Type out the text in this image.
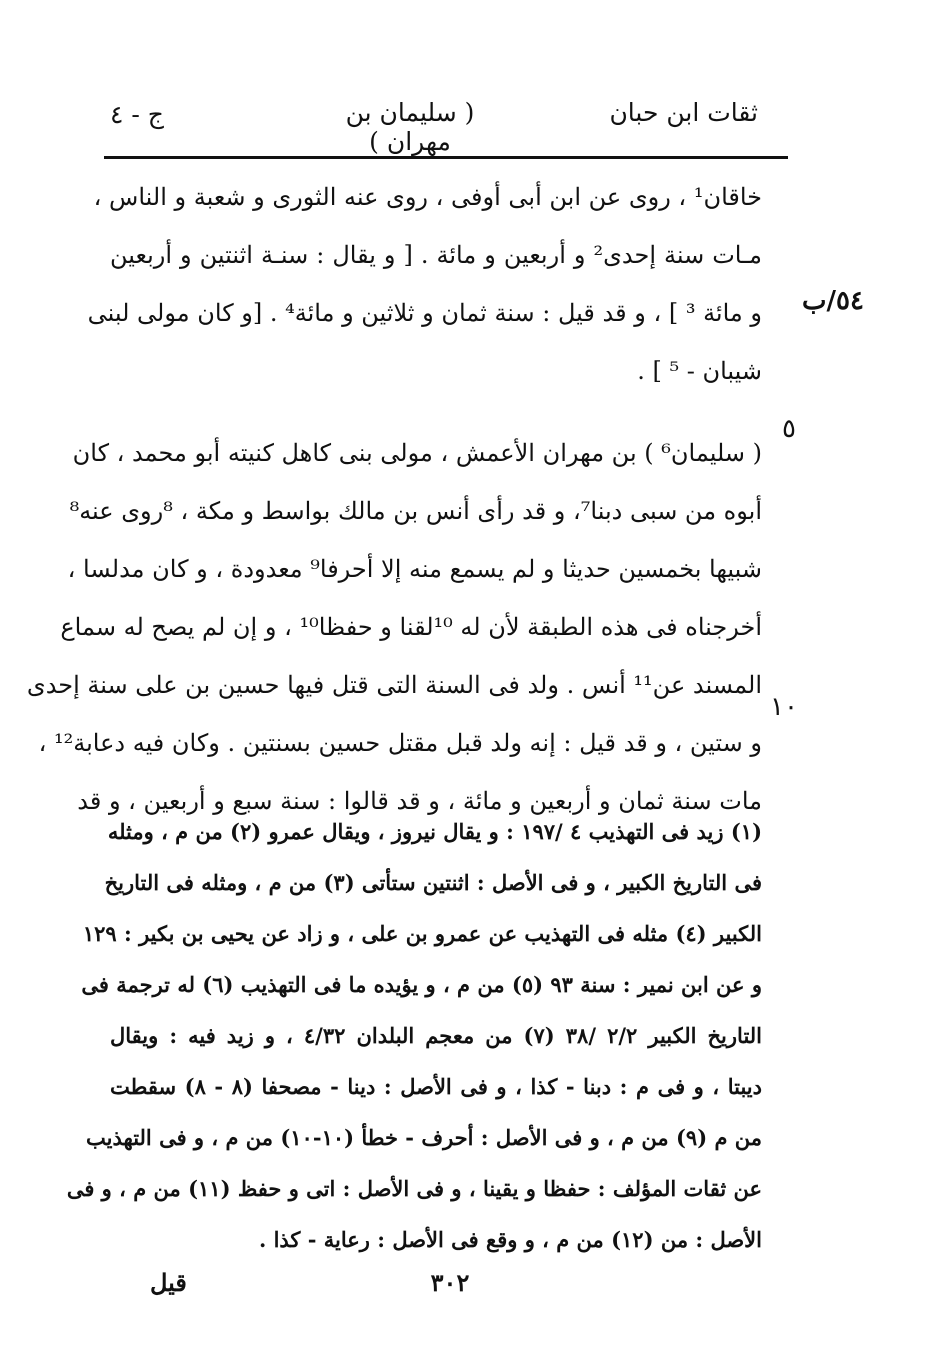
ثقات ابن حبان
( سليمان بن مهران )
ج - ٤
٥٤/ب
٥
١٠
خاقان¹ ، روى عن ابن أبى أوفى ، روى عنه الثورى و شعبة و الناس ،
مـات سنة إحدى² و أربعين و مائة . [ و يقال : سنـة اثنتين و أربعين
و مائة ³ ] ، و قد قيل : سنة ثمان و ثلاثين و مائة⁴ . [و كان مولى لبنى
شيبان - ⁵ ] .
( سليمان⁶ ) بن مهران الأعمش ، مولى بنى كاهل كنيته أبو محمد ، كان
أبوه من سبى دبنا⁷، و قد رأى أنس بن مالك بواسط و مكة ، ⁸روى عنه⁸
شبيها بخمسين حديثا و لم يسمع منه إلا أحرفا⁹ معدودة ، و كان مدلسا ،
أخرجناه فى هذه الطبقة لأن له ¹⁰لقنا و حفظا¹⁰ ، و إن لم يصح له سماع
المسند عن¹¹ أنس . ولد فى السنة التى قتل فيها حسين بن على سنة إحدى
و ستين ، و قد قيل : إنه ولد قبل مقتل حسين بسنتين . وكان فيه دعابة¹² ،
مات سنة ثمان و أربعين و مائة ، و قد قالوا : سنة سبع و أربعين ، و قد
(١) زيد فى التهذيب ٤ /١٩٧ : و يقال نيروز ، ويقال عمرو (٢) من م ، ومثله
فى التاريخ الكبير ، و فى الأصل : اثنتين ستأتى (٣) من م ، ومثله فى التاريخ
الكبير (٤) مثله فى التهذيب عن عمرو بن على ، و زاد عن يحيى بن بكير : ١٢٩
و عن ابن نمير : سنة ٩٣ (٥) من م ، و يؤيده ما فى التهذيب (٦) له ترجمة فى
التاريخ الكبير ٢/٢ /٣٨ (٧) من معجم البلدان ٤/٣٢ ، و زيد فيه : ويقال
ديبتا ، و فى م : دبنا - كذا ، و فى الأصل : دينا - مصحفا (٨ - ٨) سقطت
من م (٩) من م ، و فى الأصل : أحرف - خطأ (١٠-١٠) من م ، و فى التهذيب
عن ثقات المؤلف : حفظا و يقينا ، و فى الأصل : اتى و حفظ (١١) من م ، و فى
الأصل : من (١٢) من م ، و وقع فى الأصل : رعاية - كذا .
٣٠٢
قيل
